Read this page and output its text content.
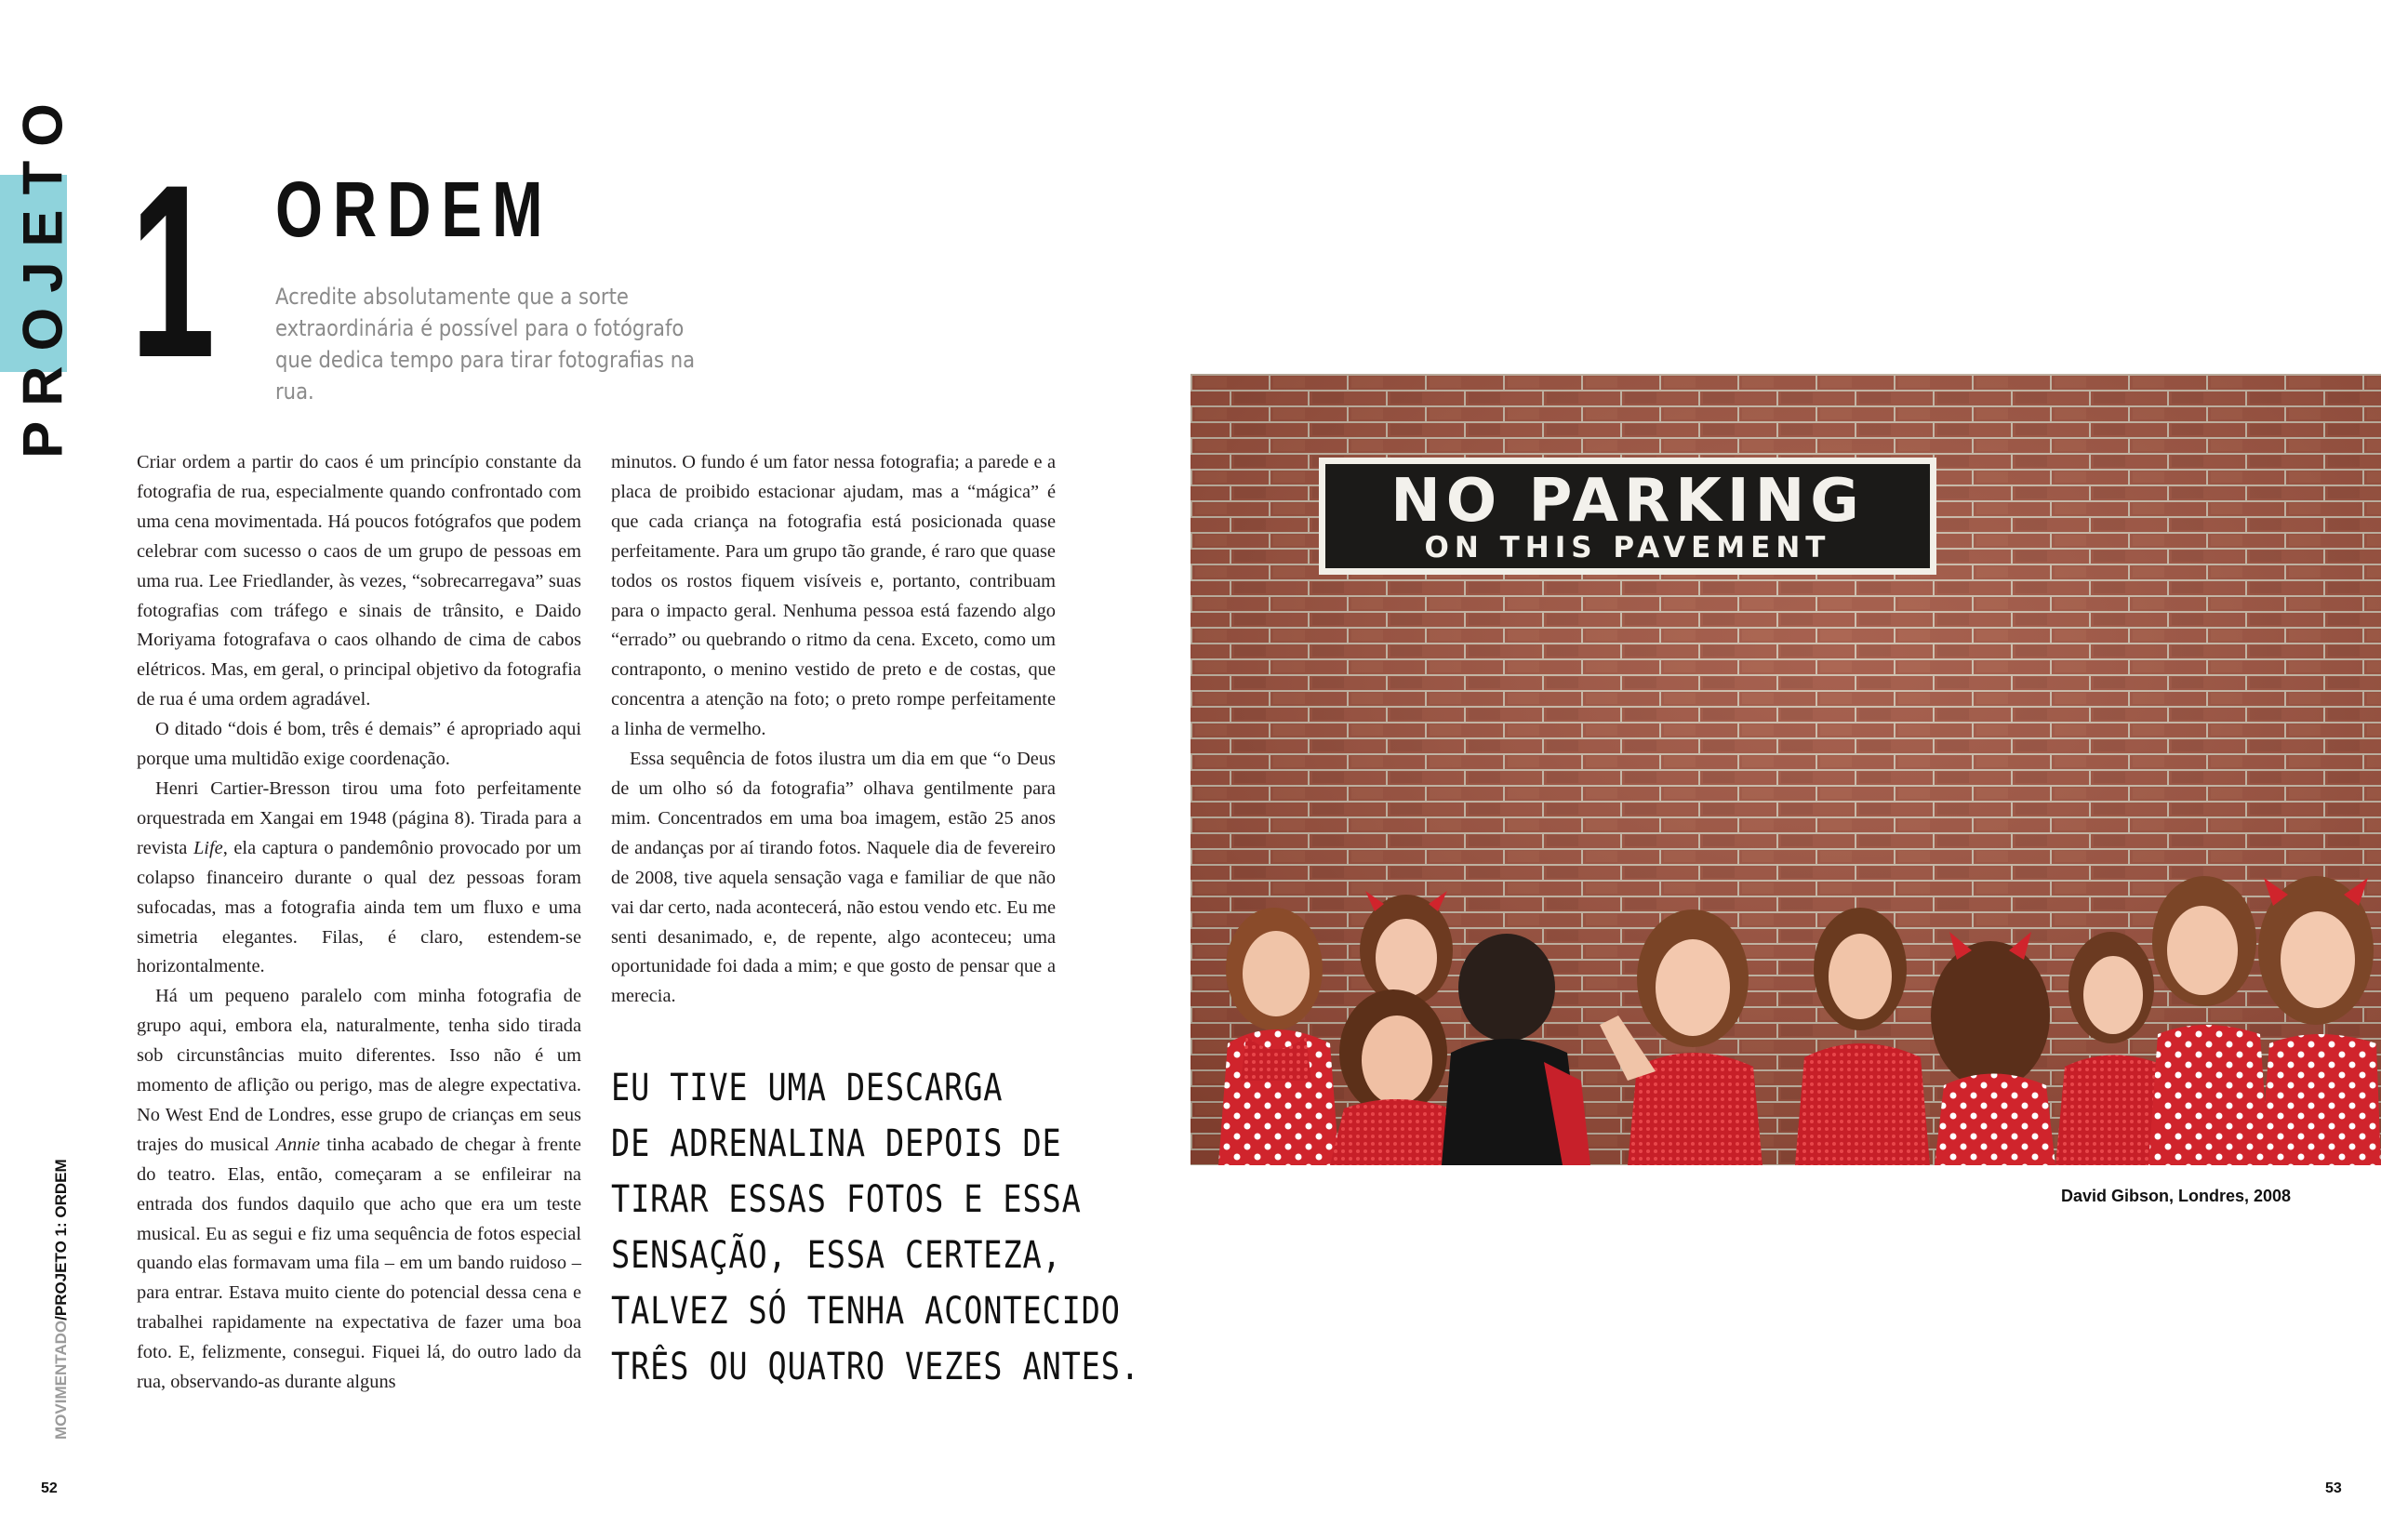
PROJETO 1 ORDEM
Acredite absolutamente que a sorte extraordinária é possível para o fotógrafo que dedica tempo para tirar fotografias na rua.

Criar ordem a partir do caos é um princípio constante da fotografia de rua, especialmente quando confrontado com uma cena movimentada. Há poucos fotógrafos que podem celebrar com sucesso o caos de um grupo de pessoas em uma rua. Lee Friedlander, às vezes, “sobrecarregava” suas fotografias com tráfego e sinais de trânsito, e Daido Moriyama fotografava o caos olhando de cima de cabos elétricos. Mas, em geral, o principal objetivo da fotografia de rua é uma ordem agradável.

O ditado “dois é bom, três é demais” é apropriado aqui porque uma multidão exige coordenação.

Henri Cartier-Bresson tirou uma foto perfeitamente orquestrada em Xangai em 1948 (página 8). Tirada para a revista Life, ela captura o pandemônio provocado por um colapso financeiro durante o qual dez pessoas foram sufocadas, mas a fotografia ainda tem um fluxo e uma simetria elegantes. Filas, é claro, estendem-se horizontalmente.

Há um pequeno paralelo com minha fotografia de grupo aqui, embora ela, naturalmente, tenha sido tirada sob circunstâncias muito diferentes. Isso não é um momento de aflição ou perigo, mas de alegre expectativa. No West End de Londres, esse grupo de crianças em seus trajes do musical Annie tinha acabado de chegar à frente do teatro. Elas, então, começaram a se enfileirar na entrada dos fundos daquilo que acho que era um teste musical. Eu as segui e fiz uma sequência de fotos especial quando elas formavam uma fila – em um bando ruidoso – para entrar. Estava muito ciente do potencial dessa cena e trabalhei rapidamente na expectativa de fazer uma boa foto. E, felizmente, consegui. Fiquei lá, do outro lado da rua, observando-as durante alguns

minutos. O fundo é um fator nessa fotografia; a parede e a placa de proibido estacionar ajudam, mas a “mágica” é que cada criança na fotografia está posicionada quase perfeitamente. Para um grupo tão grande, é raro que quase todos os rostos fiquem visíveis e, portanto, contribuam para o impacto geral. Nenhuma pessoa está fazendo algo “errado” ou quebrando o ritmo da cena. Exceto, como um contraponto, o menino vestido de preto e de costas, que concentra a atenção na foto; o preto rompe perfeitamente a linha de vermelho.

Essa sequência de fotos ilustra um dia em que “o Deus de um olho só da fotografia” olhava gentilmente para mim. Concentrados em uma boa imagem, estão 25 anos de andanças por aí tirando fotos. Naquele dia de fevereiro de 2008, tive aquela sensação vaga e familiar de que não vai dar certo, nada acontecerá, não estou vendo etc. Eu me senti desanimado, e, de repente, algo aconteceu; uma oportunidade foi dada a mim; e que gosto de pensar que a merecia.

EU TIVE UMA DESCARGA
DE ADRENALINA DEPOIS DE
TIRAR ESSAS FOTOS E ESSA
SENSAÇÃO, ESSA CERTEZA,
TALVEZ SÓ TENHA ACONTECIDO
TRÊS OU QUATRO VEZES ANTES.
MOVIMENTADO/PROJETO 1: ORDEM
52
NO PARKING
ON THIS PAVEMENT
David Gibson, Londres, 2008
53
